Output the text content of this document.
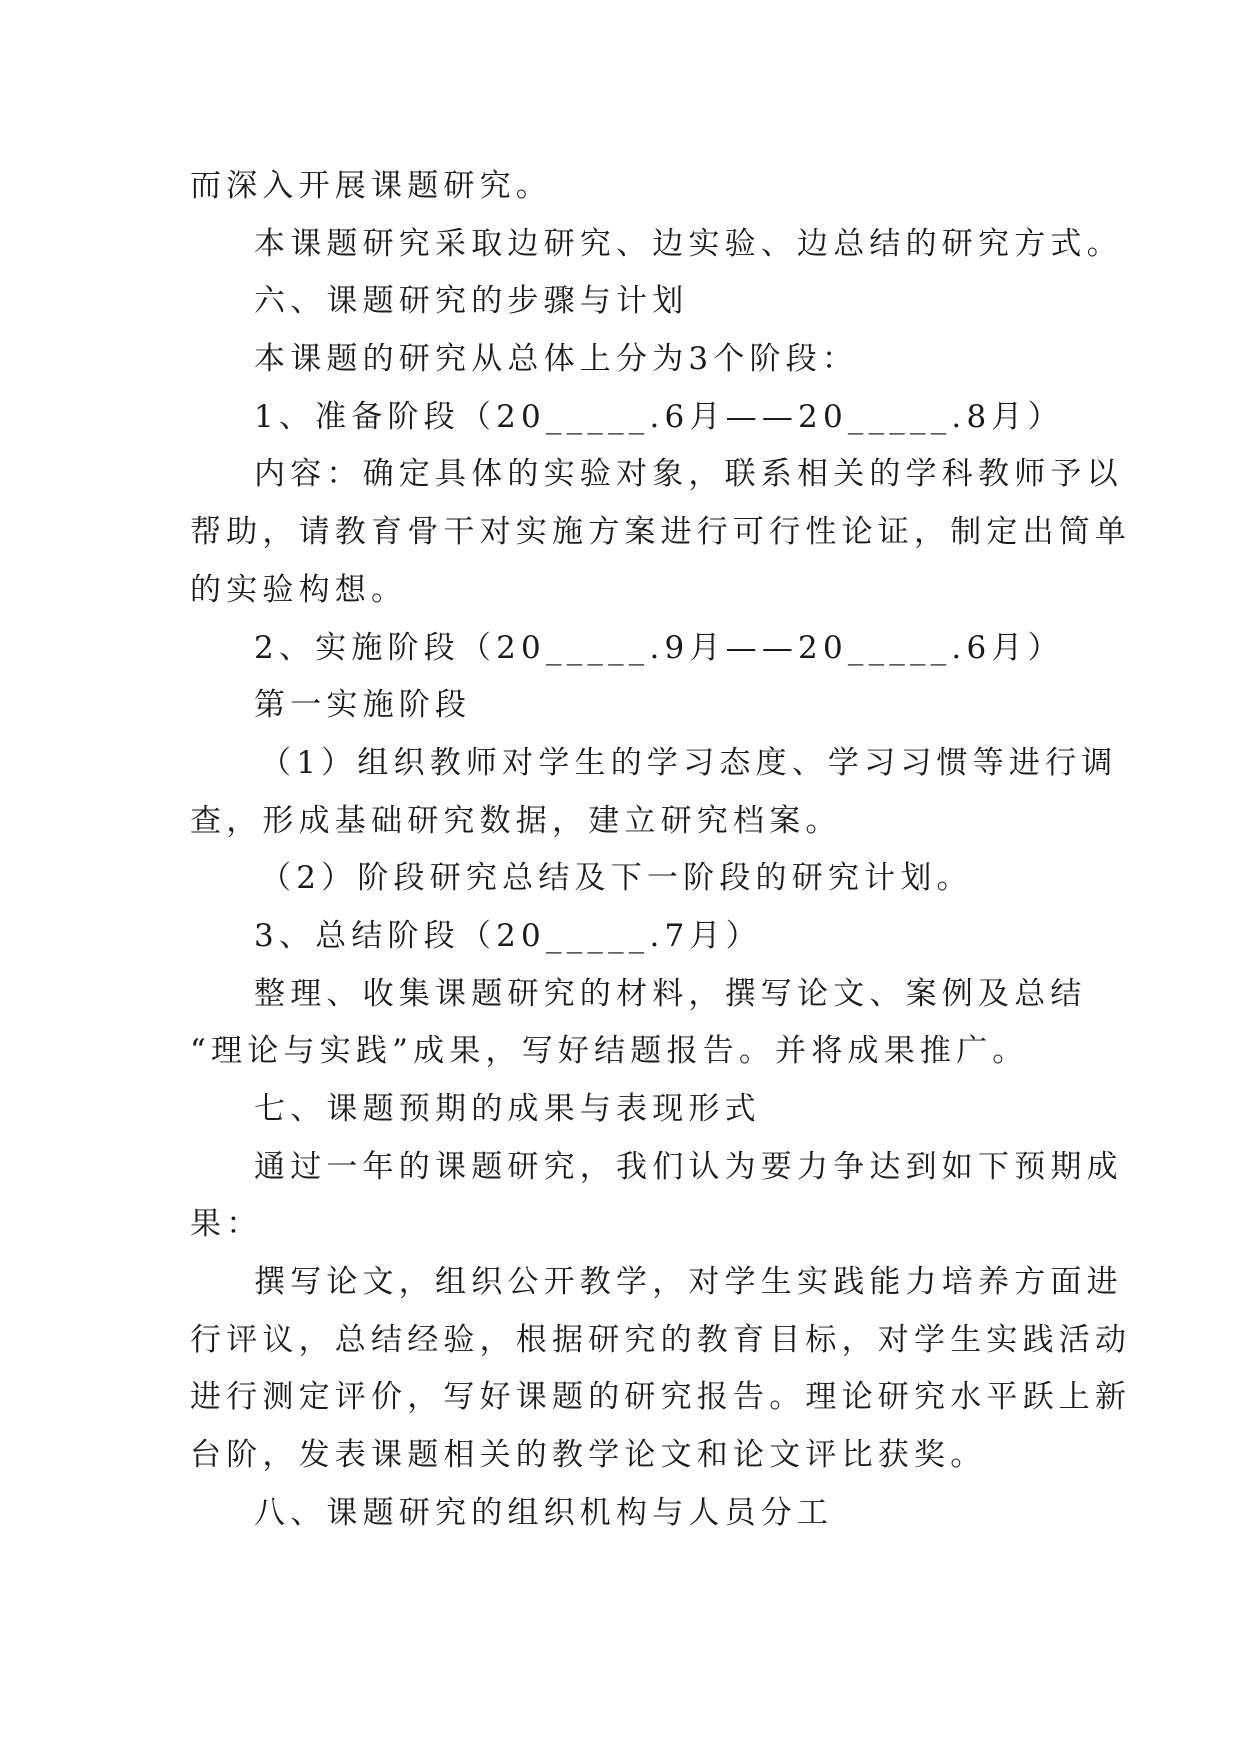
而深入开展课题研究。
本课题研究采取边研究、边实验、边总结的研究方式。
六、课题研究的步骤与计划
本课题的研究从总体上分为3个阶段：
1、准备阶段（20_____.6月——20_____.8月）
内容：确定具体的实验对象，联系相关的学科教师予以
帮助，请教育骨干对实施方案进行可行性论证，制定出简单
的实验构想。
2、实施阶段（20_____.9月——20_____.6月）
第一实施阶段
（1）组织教师对学生的学习态度、学习习惯等进行调
查，形成基础研究数据，建立研究档案。
（2）阶段研究总结及下一阶段的研究计划。
3、总结阶段（20_____.7月）
整理、收集课题研究的材料，撰写论文、案例及总结
“理论与实践”成果，写好结题报告。并将成果推广。
七、课题预期的成果与表现形式
通过一年的课题研究，我们认为要力争达到如下预期成
果：
撰写论文，组织公开教学，对学生实践能力培养方面进
行评议，总结经验，根据研究的教育目标，对学生实践活动
进行测定评价，写好课题的研究报告。理论研究水平跃上新
台阶，发表课题相关的教学论文和论文评比获奖。
八、课题研究的组织机构与人员分工
